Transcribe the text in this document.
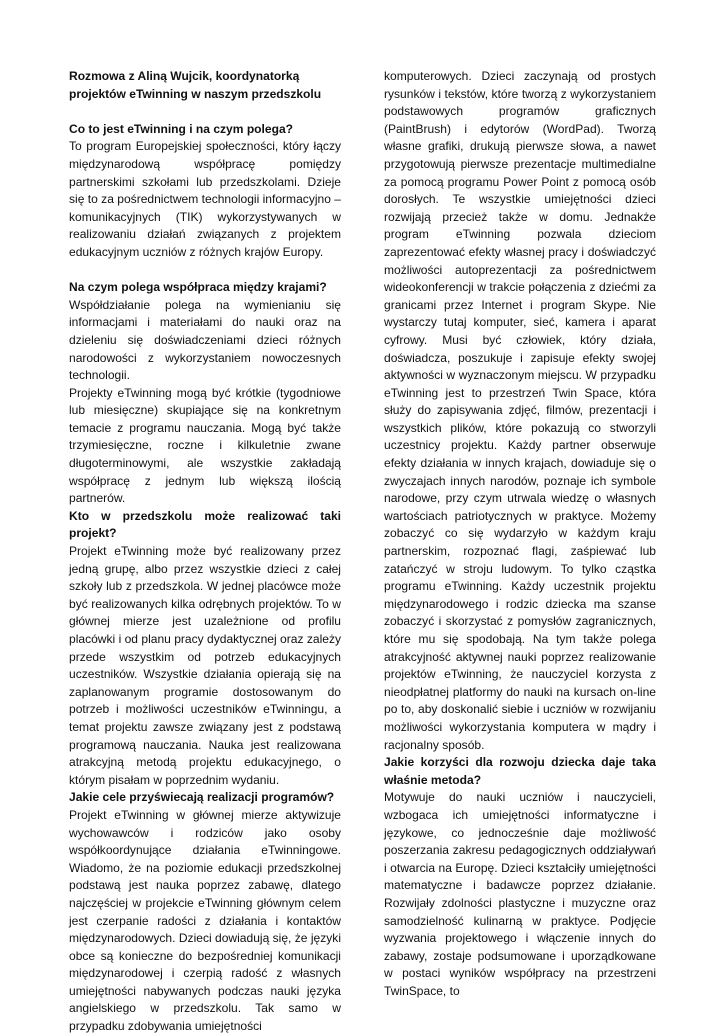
Rozmowa z Aliną Wujcik, koordynatorką projektów eTwinning w naszym przedszkolu

Co to jest eTwinning i na czym polega?

To program Europejskiej społeczności, który łączy międzynarodową współpracę pomiędzy partnerskimi szkołami lub przedszkolami. Dzieje się to za pośrednictwem technologii informacyjno – komunikacyjnych (TIK) wykorzystywanych w realizowaniu działań związanych z projektem edukacyjnym uczniów z różnych krajów Europy.

Na czym polega współpraca między krajami?

Współdziałanie polega na wymienianiu się informacjami i materiałami do nauki oraz na dzieleniu się doświadczeniami dzieci różnych narodowości z wykorzystaniem nowoczesnych technologii.

Projekty eTwinning mogą być krótkie (tygodniowe lub miesięczne) skupiające się na konkretnym temacie z programu nauczania. Mogą być także trzymiesięczne, roczne i kilkuletnie zwane długoterminowymi, ale wszystkie zakładają współpracę z jednym lub większą ilością partnerów.

Kto w przedszkolu może realizować taki projekt?

Projekt eTwinning może być realizowany przez jedną grupę, albo przez wszystkie dzieci z całej szkoły lub z przedszkola. W jednej placówce może być realizowanych kilka odrębnych projektów. To w głównej mierze jest uzależnione od profilu placówki i od planu pracy dydaktycznej oraz zależy przede wszystkim od potrzeb edukacyjnych uczestników. Wszystkie działania opierają się na zaplanowanym programie dostosowanym do potrzeb i możliwości uczestników eTwinningu, a temat projektu zawsze związany jest z podstawą programową nauczania. Nauka jest realizowana atrakcyjną metodą projektu edukacyjnego, o którym pisałam w poprzednim wydaniu.

Jakie cele przyświecają realizacji programów?

Projekt eTwinning w głównej mierze aktywizuje wychowawców i rodziców jako osoby współkoordynujące działania eTwinningowe. Wiadomo, że na poziomie edukacji przedszkolnej podstawą jest nauka poprzez zabawę, dlatego najczęściej w projekcie eTwinning głównym celem jest czerpanie radości z działania i kontaktów międzynarodowych. Dzieci dowiadują się, że języki obce są konieczne do bezpośredniej komunikacji międzynarodowej i czerpią radość z własnych umiejętności nabywanych podczas nauki języka angielskiego w przedszkolu. Tak samo w przypadku zdobywania umiejętności

komputerowych. Dzieci zaczynają od prostych rysunków i tekstów, które tworzą z wykorzystaniem podstawowych programów graficznych (PaintBrush) i edytorów (WordPad). Tworzą własne grafiki, drukują pierwsze słowa, a nawet przygotowują pierwsze prezentacje multimedialne za pomocą programu Power Point z pomocą osób dorosłych. Te wszystkie umiejętności dzieci rozwijają przecież także w domu. Jednakże program eTwinning pozwala dzieciom zaprezentować efekty własnej pracy i doświadczyć możliwości autoprezentacji za pośrednictwem wideokonferencji w trakcie połączenia z dziećmi za granicami przez Internet i program Skype. Nie wystarczy tutaj komputer, sieć, kamera i aparat cyfrowy. Musi być człowiek, który działa, doświadcza, poszukuje i zapisuje efekty swojej aktywności w wyznaczonym miejscu. W przypadku eTwinning jest to przestrzeń Twin Space, która służy do zapisywania zdjęć, filmów, prezentacji i wszystkich plików, które pokazują co stworzyli uczestnicy projektu. Każdy partner obserwuje efekty działania w innych krajach, dowiaduje się o zwyczajach innych narodów, poznaje ich symbole narodowe, przy czym utrwala wiedzę o własnych wartościach patriotycznych w praktyce. Możemy zobaczyć co się wydarzyło w każdym kraju partnerskim, rozpoznać flagi, zaśpiewać lub zatańczyć w stroju ludowym. To tylko cząstka programu eTwinning. Każdy uczestnik projektu międzynarodowego i rodzic dziecka ma szanse zobaczyć i skorzystać z pomysłów zagranicznych, które mu się spodobają. Na tym także polega atrakcyjność aktywnej nauki poprzez realizowanie projektów eTwinning, że nauczyciel korzysta z nieodpłatnej platformy do nauki na kursach on-line po to, aby doskonalić siebie i uczniów w rozwijaniu możliwości wykorzystania komputera w mądry i racjonalny sposób.

Jakie korzyści dla rozwoju dziecka daje taka właśnie metoda?

Motywuje do nauki uczniów i nauczycieli, wzbogaca ich umiejętności informatyczne i językowe, co jednocześnie daje możliwość poszerzania zakresu pedagogicznych oddziaływań i otwarcia na Europę. Dzieci kształciły umiejętności matematyczne i badawcze poprzez działanie. Rozwijały zdolności plastyczne i muzyczne oraz samodzielność kulinarną w praktyce. Podjęcie wyzwania projektowego i włączenie innych do zabawy, zostaje podsumowane i uporządkowane w postaci wyników współpracy na przestrzeni TwinSpace, to
